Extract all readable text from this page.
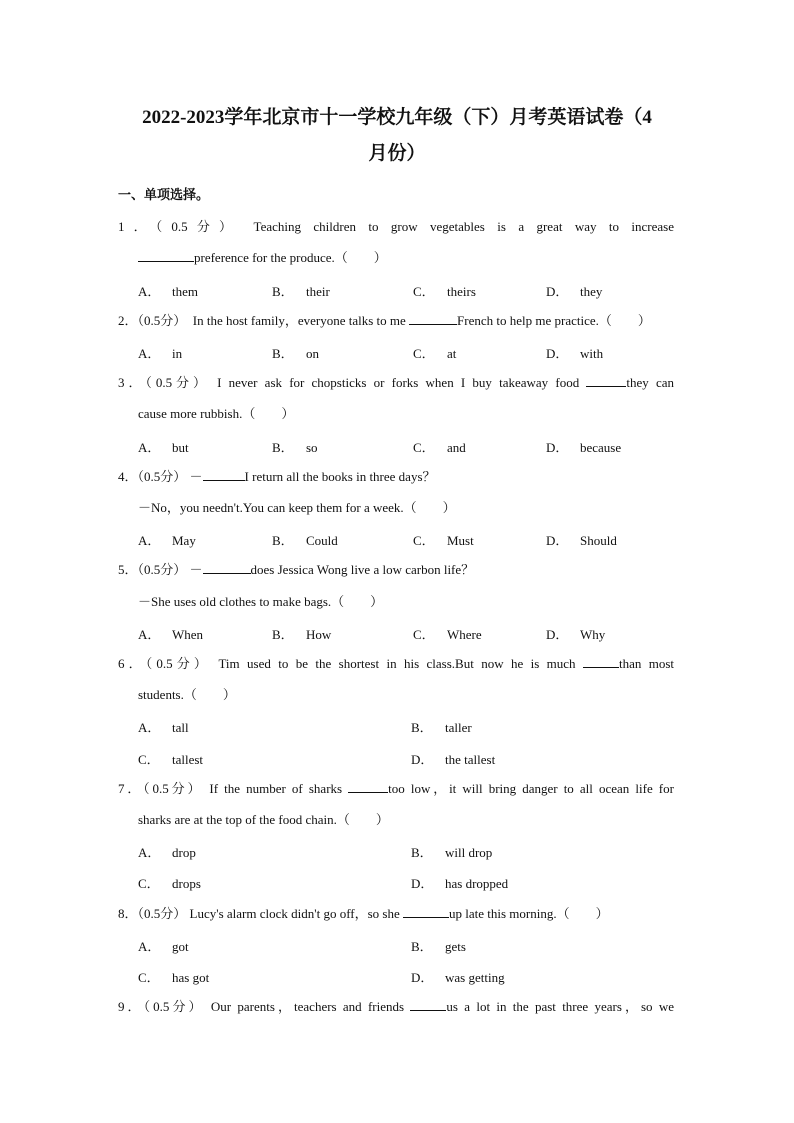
2022-2023学年北京市十一学校九年级（下）月考英语试卷（4
月份）
一、单项选择。
1．（0.5分） Teaching children to grow vegetables is a great way to increase
preference for the produce.（　　）
A． them	B． their	C． theirs	D． they
2．（0.5分） In the host family，everyone talks to me	French to help me practice.（　　）
A． in	B． on	C． at	D． with
3．（0.5分） I never ask for chopsticks or forks when I buy takeaway food	they can
cause more rubbish.（　　）
A． but	B． so	C． and	D． because
4．（0.5分） －	I return all the books in three days？
－No，you needn't.You can keep them for a week.（　　）
A． May	B． Could	C． Must	D． Should
5．（0.5分） －	does Jessica Wong live a low carbon life？
－She uses old clothes to make bags.（　　）
A． When	B． How	C． Where	D． Why
6．（0.5分） Tim used to be the shortest in his class.But now he is much	than most
students.（　　）
A． tall	B． taller
C． tallest	D． the tallest
7．（0.5分） If the number of sharks	too low，it will bring danger to all ocean life for
sharks are at the top of the food chain.（　　）
A． drop	B． will drop
C． drops	D． has dropped
8．（0.5分） Lucy's alarm clock didn't go off，so she	up late this morning.（　　）
A． got	B． gets
C． has got	D． was getting
9．（0.5分） Our parents，teachers and friends	us a lot in the past three years，so we
